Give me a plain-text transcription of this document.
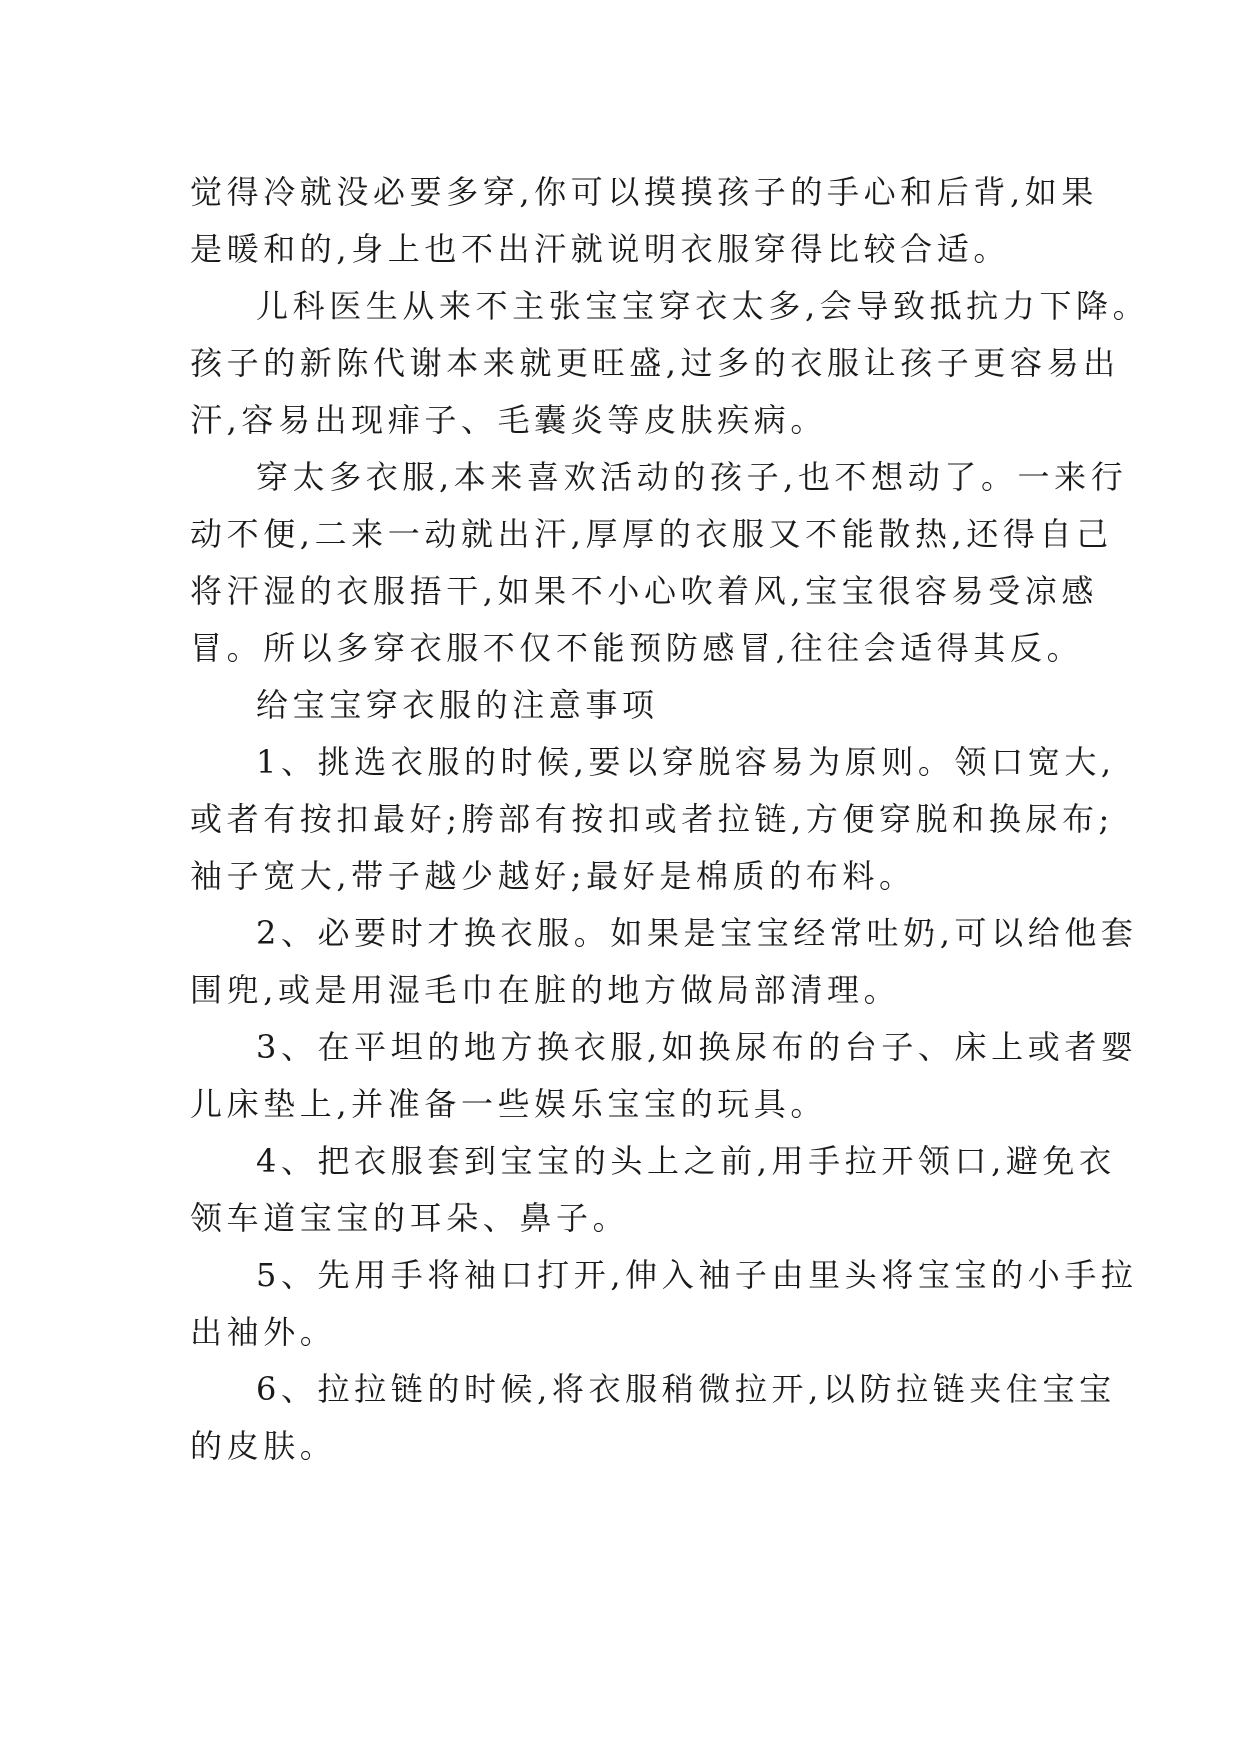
觉得冷就没必要多穿,你可以摸摸孩子的手心和后背,如果
是暖和的,身上也不出汗就说明衣服穿得比较合适。
儿科医生从来不主张宝宝穿衣太多,会导致抵抗力下降。
孩子的新陈代谢本来就更旺盛,过多的衣服让孩子更容易出
汗,容易出现痱子、毛囊炎等皮肤疾病。
穿太多衣服,本来喜欢活动的孩子,也不想动了。一来行
动不便,二来一动就出汗,厚厚的衣服又不能散热,还得自己
将汗湿的衣服捂干,如果不小心吹着风,宝宝很容易受凉感
冒。所以多穿衣服不仅不能预防感冒,往往会适得其反。
给宝宝穿衣服的注意事项
1、挑选衣服的时候,要以穿脱容易为原则。领口宽大,
或者有按扣最好;胯部有按扣或者拉链,方便穿脱和换尿布;
袖子宽大,带子越少越好;最好是棉质的布料。
2、必要时才换衣服。如果是宝宝经常吐奶,可以给他套
围兜,或是用湿毛巾在脏的地方做局部清理。
3、在平坦的地方换衣服,如换尿布的台子、床上或者婴
儿床垫上,并准备一些娱乐宝宝的玩具。
4、把衣服套到宝宝的头上之前,用手拉开领口,避免衣
领车道宝宝的耳朵、鼻子。
5、先用手将袖口打开,伸入袖子由里头将宝宝的小手拉
出袖外。
6、拉拉链的时候,将衣服稍微拉开,以防拉链夹住宝宝
的皮肤。
